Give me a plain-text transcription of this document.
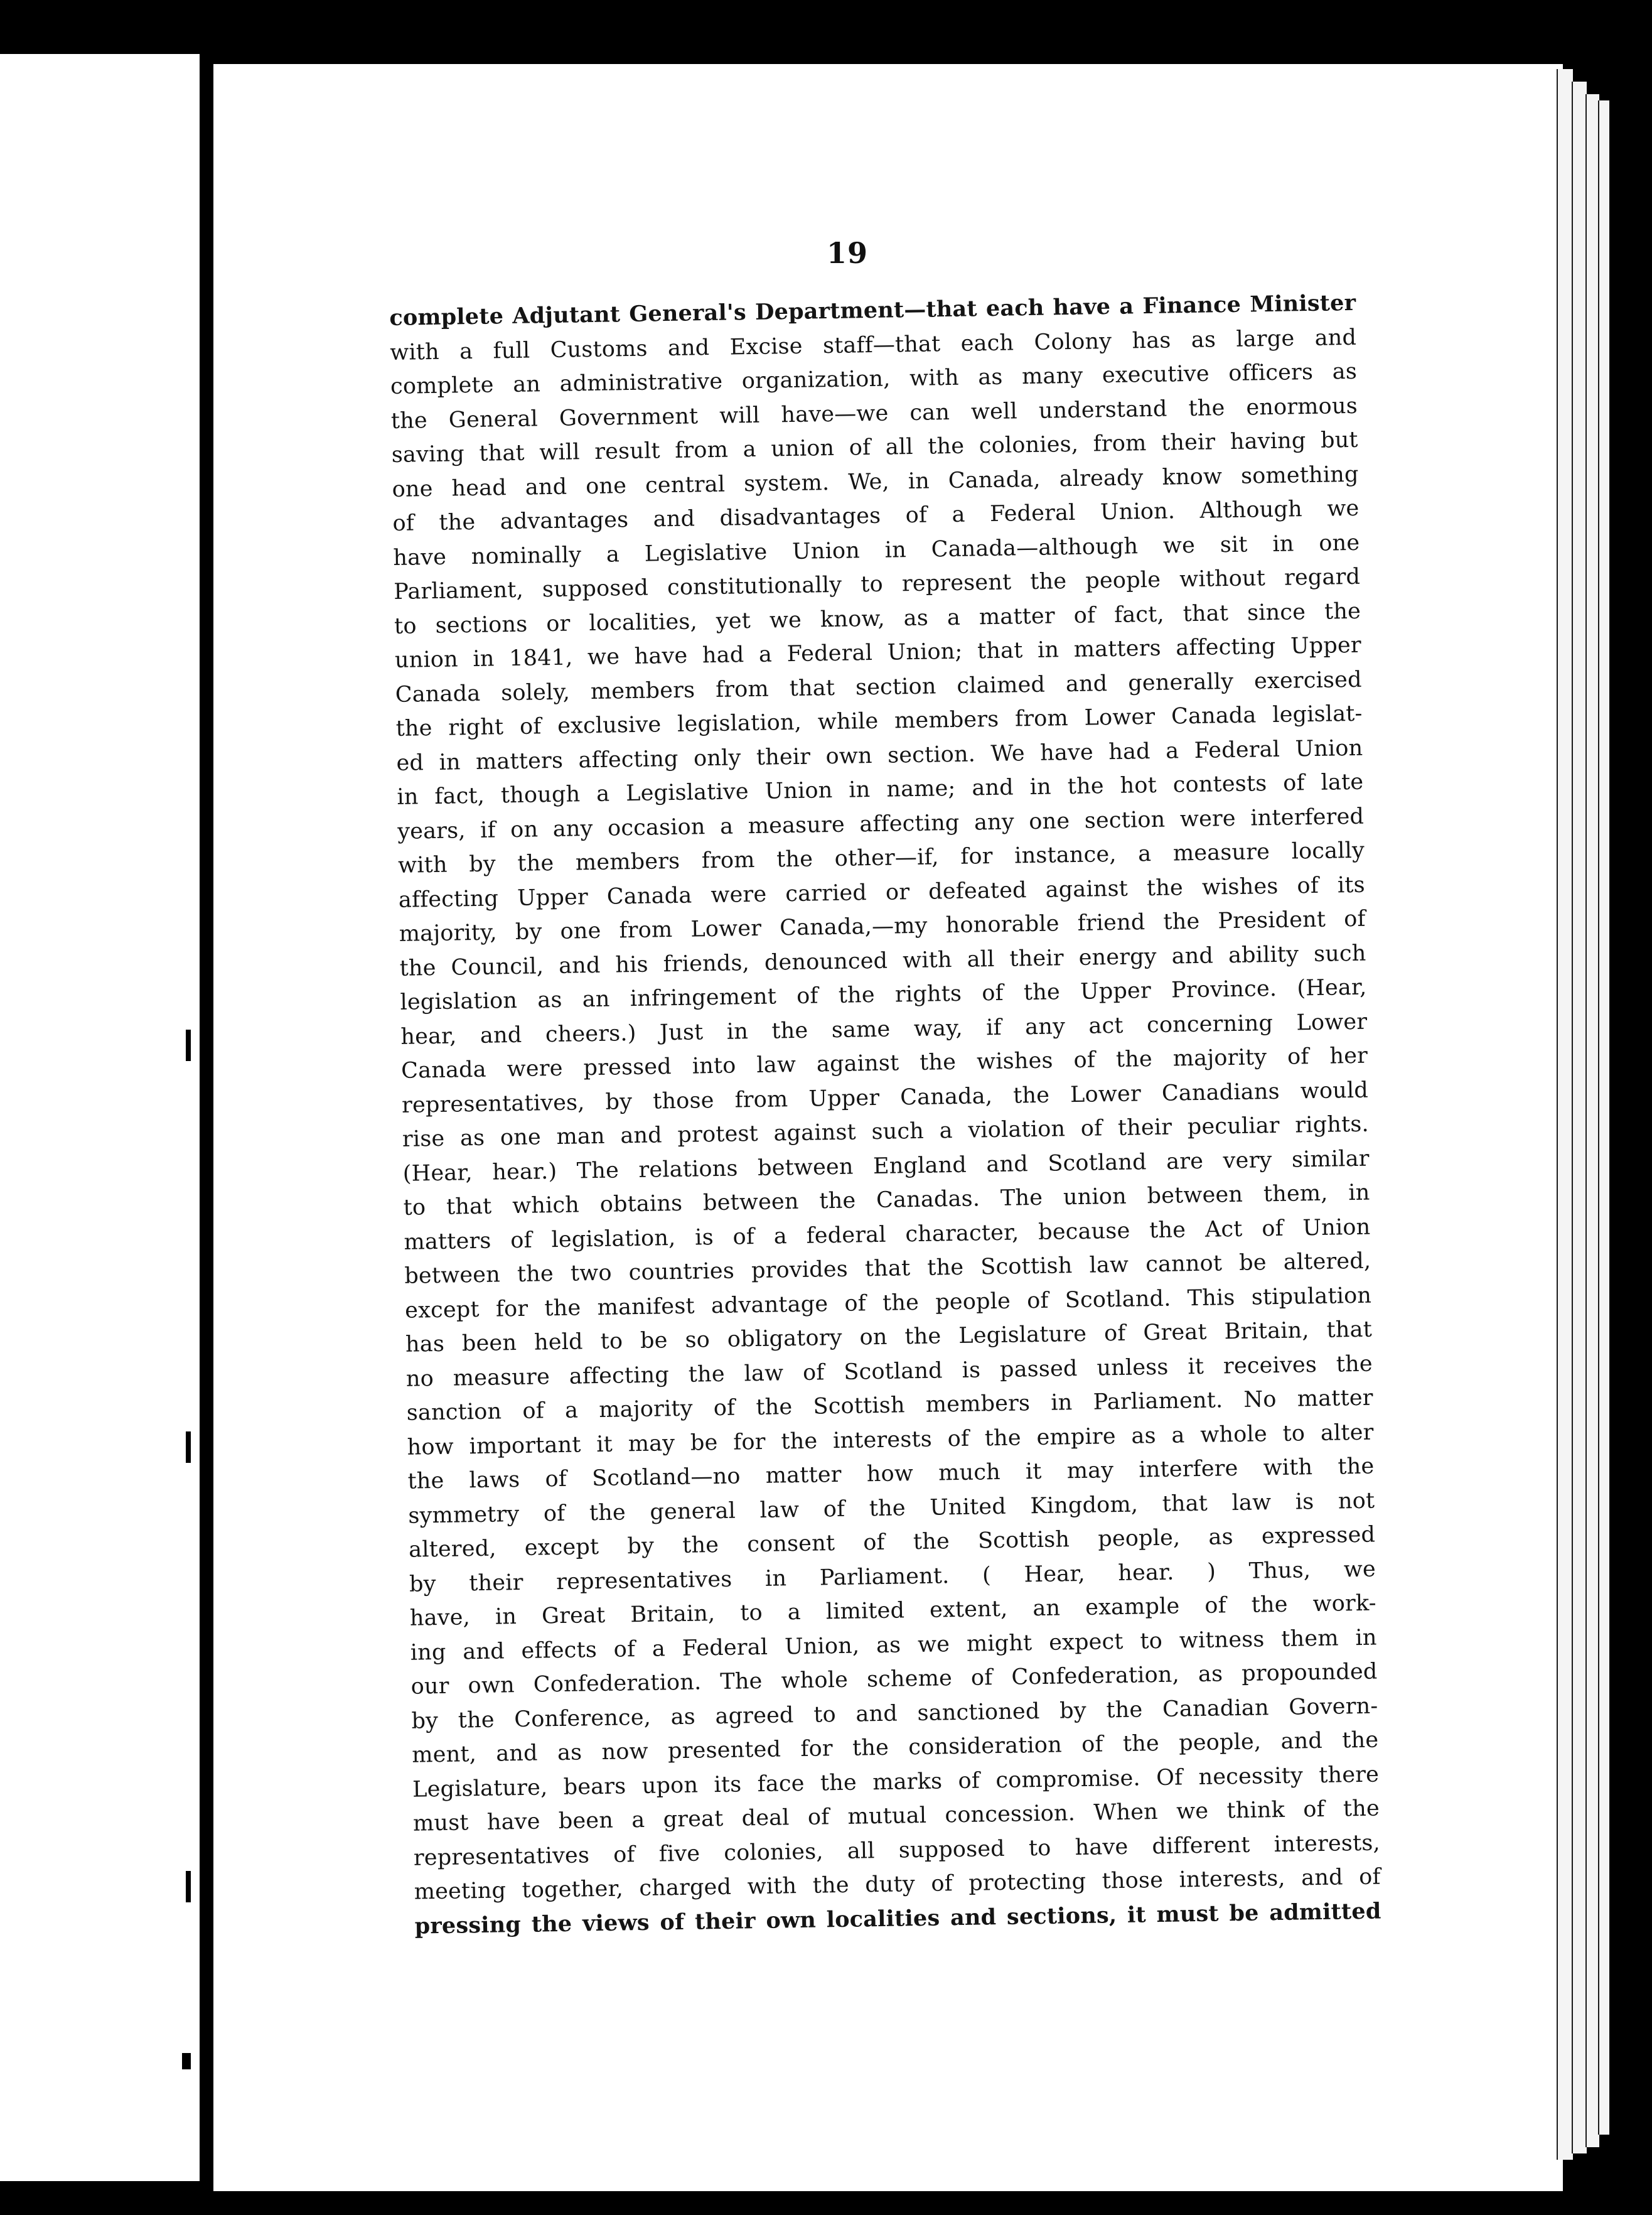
19
complete Adjutant General's Department—that each have a Finance Minister
with a full Customs and Excise staff—that each Colony has as large and
complete an administrative organization, with as many executive officers as
the General Government will have—we can well understand the enormous
saving that will result from a union of all the colonies, from their having but
one head and one central system. We, in Canada, already know something
of the advantages and disadvantages of a Federal Union. Although we
have nominally a Legislative Union in Canada—although we sit in one
Parliament, supposed constitutionally to represent the people without regard
to sections or localities, yet we know, as a matter of fact, that since the
union in 1841, we have had a Federal Union; that in matters affecting Upper
Canada solely, members from that section claimed and generally exercised
the right of exclusive legislation, while members from Lower Canada legislat-
ed in matters affecting only their own section. We have had a Federal Union
in fact, though a Legislative Union in name; and in the hot contests of late
years, if on any occasion a measure affecting any one section were interfered
with by the members from the other—if, for instance, a measure locally
affecting Upper Canada were carried or defeated against the wishes of its
majority, by one from Lower Canada,—my honorable friend the President of
the Council, and his friends, denounced with all their energy and ability such
legislation as an infringement of the rights of the Upper Province. (Hear,
hear, and cheers.) Just in the same way, if any act concerning Lower
Canada were pressed into law against the wishes of the majority of her
representatives, by those from Upper Canada, the Lower Canadians would
rise as one man and protest against such a violation of their peculiar rights.
(Hear, hear.) The relations between England and Scotland are very similar
to that which obtains between the Canadas. The union between them, in
matters of legislation, is of a federal character, because the Act of Union
between the two countries provides that the Scottish law cannot be altered,
except for the manifest advantage of the people of Scotland. This stipulation
has been held to be so obligatory on the Legislature of Great Britain, that
no measure affecting the law of Scotland is passed unless it receives the
sanction of a majority of the Scottish members in Parliament. No matter
how important it may be for the interests of the empire as a whole to alter
the laws of Scotland—no matter how much it may interfere with the
symmetry of the general law of the United Kingdom, that law is not
altered, except by the consent of the Scottish people, as expressed
by their representatives in Parliament. ( Hear, hear. ) Thus, we
have, in Great Britain, to a limited extent, an example of the work-
ing and effects of a Federal Union, as we might expect to witness them in
our own Confederation. The whole scheme of Confederation, as propounded
by the Conference, as agreed to and sanctioned by the Canadian Govern-
ment, and as now presented for the consideration of the people, and the
Legislature, bears upon its face the marks of compromise. Of necessity there
must have been a great deal of mutual concession. When we think of the
representatives of five colonies, all supposed to have different interests,
meeting together, charged with the duty of protecting those interests, and of
pressing the views of their own localities and sections, it must be admitted
